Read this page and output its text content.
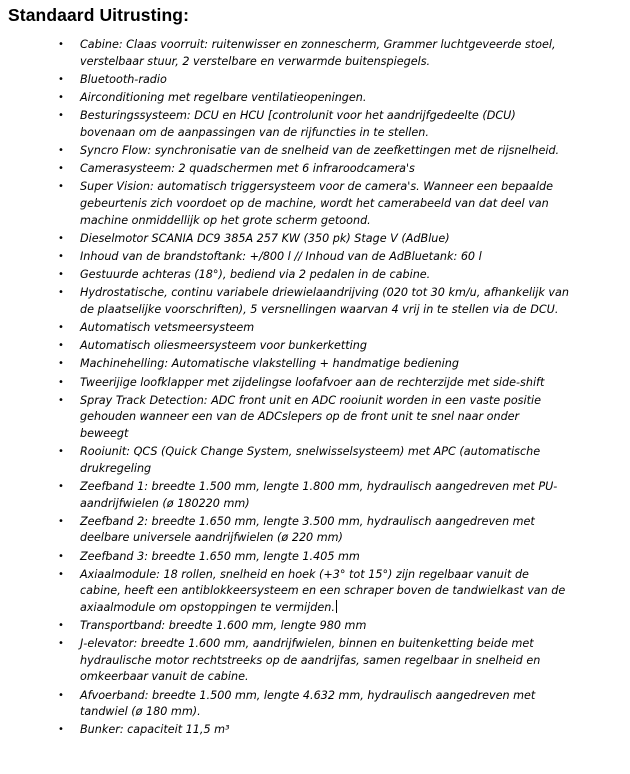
Standaard Uitrusting:
• Cabine: Claas voorruit: ruitenwisser en zonnescherm, Grammer luchtgeveerde stoel, verstelbaar stuur, 2 verstelbare en verwarmde buitenspiegels.
• Bluetooth-radio
• Airconditioning met regelbare ventilatieopeningen.
• Besturingssysteem: DCU en HCU [controlunit voor het aandrijfgedeelte (DCU) bovenaan om de aanpassingen van de rijfuncties in te stellen.
• Syncro Flow: synchronisatie van de snelheid van de zeefkettingen met de rijsnelheid.
• Camerasysteem: 2 quadschermen met 6 infraroodcamera's
• Super Vision: automatisch triggersysteem voor de camera's. Wanneer een bepaalde gebeurtenis zich voordoet op de machine, wordt het camerabeeld van dat deel van machine onmiddellijk op het grote scherm getoond.
• Dieselmotor SCANIA DC9 385A 257 KW (350 pk) Stage V (AdBlue)
• Inhoud van de brandstoftank: +/800 l // Inhoud van de AdBluetank: 60 l
• Gestuurde achteras (18°), bediend via 2 pedalen in de cabine.
• Hydrostatische, continu variabele driewielaandrijving (020 tot 30 km/u, afhankelijk van de plaatselijke voorschriften), 5 versnellingen waarvan 4 vrij in te stellen via de DCU.
• Automatisch vetsmeersysteem
• Automatisch oliesmeersysteem voor bunkerketting
• Machinehelling: Automatische vlakstelling + handmatige bediening
• Tweerijige loofklapper met zijdelingse loofafvoer aan de rechterzijde met side-shift
• Spray Track Detection: ADC front unit en ADC rooiunit worden in een vaste positie gehouden wanneer een van de ADCslepers op de front unit te snel naar onder beweegt
• Rooiunit: QCS (Quick Change System, snelwisselsysteem) met APC (automatische drukregeling
• Zeefband 1: breedte 1.500 mm, lengte 1.800 mm, hydraulisch aangedreven met PU-aandrijfwielen (ø 180220 mm)
• Zeefband 2: breedte 1.650 mm, lengte 3.500 mm, hydraulisch aangedreven met deelbare universele aandrijfwielen (ø 220 mm)
• Zeefband 3: breedte 1.650 mm, lengte 1.405 mm
• Axiaalmodule: 18 rollen, snelheid en hoek (+3° tot 15°) zijn regelbaar vanuit de cabine, heeft een antiblokkeersysteem en een schraper boven de tandwielkast van de axiaalmodule om opstoppingen te vermijden.
• Transportband: breedte 1.600 mm, lengte 980 mm
• J-elevator: breedte 1.600 mm, aandrijfwielen, binnen en buitenketting beide met hydraulische motor rechtstreeks op de aandrijfas, samen regelbaar in snelheid en omkeerbaar vanuit de cabine.
• Afvoerband: breedte 1.500 mm, lengte 4.632 mm, hydraulisch aangedreven met tandwiel (ø 180 mm).
• Bunker: capaciteit 11,5 m³
